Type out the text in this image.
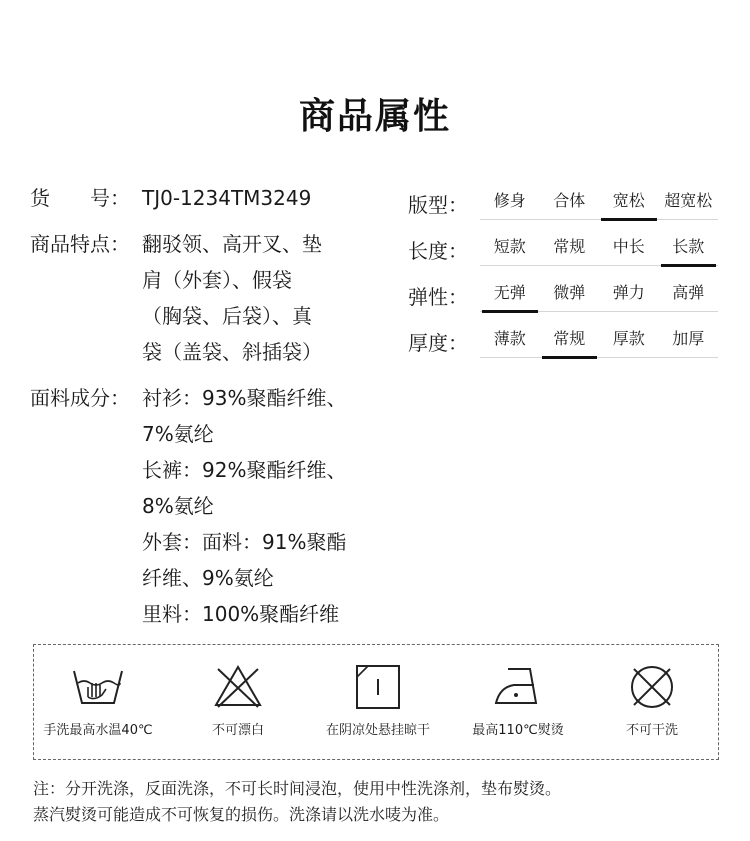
商品属性
货　　号： TJ0-1234TM3249

商品特点： 翻驳领、高开叉、垫

肩（外套）、假袋

（胸袋、后袋）、真

袋（盖袋、斜插袋）

面料成分： 衬衫：93%聚酯纤维、

7%氨纶

长裤：92%聚酯纤维、

8%氨纶

外套：面料：91%聚酯

纤维、9%氨纶

里料：100%聚酯纤维

版型：	修身	合体	宽松	超宽松
长度：	短款	常规	中长	长款
弹性：	无弹	微弹	弹力	高弹
厚度：	薄款	常规	厚款	加厚
手洗最高水温40℃	不可漂白	在阴凉处悬挂晾干	最高110℃熨烫	不可干洗
注：分开洗涤，反面洗涤，不可长时间浸泡，使用中性洗涤剂，垫布熨烫。
蒸汽熨烫可能造成不可恢复的损伤。洗涤请以洗水唛为准。
